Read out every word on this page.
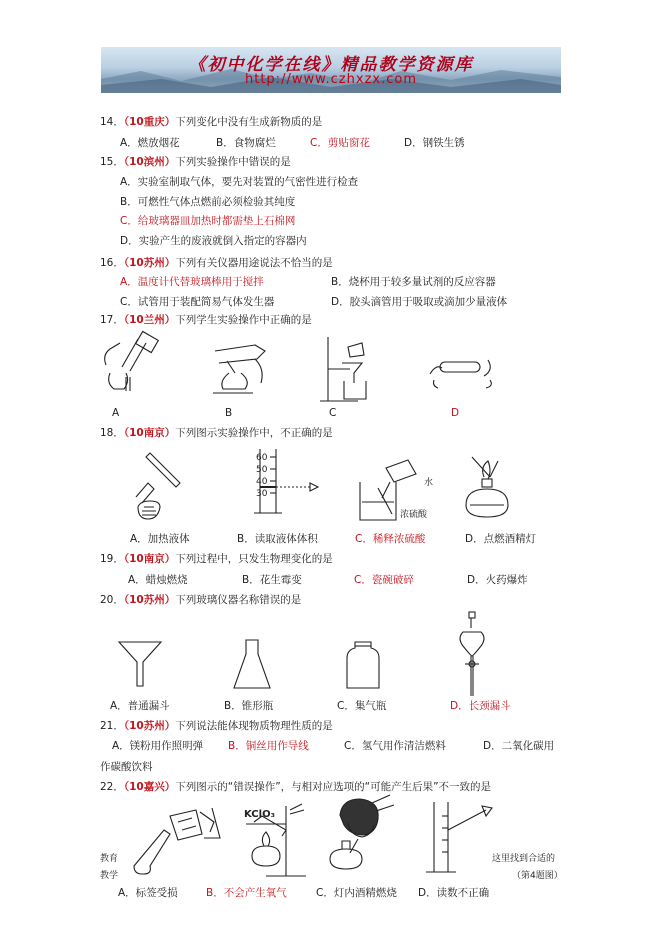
《初中化学在线》精品教学资源库
http://www.czhxzx.com
14．（10重庆）下列变化中没有生成新物质的是
A．燃放烟花	B．食物腐烂	C．剪贴窗花	D．钢铁生锈
15．（10滨州）下列实验操作中错误的是
A．实验室制取气体，要先对装置的气密性进行检查
B．可燃性气体点燃前必须检验其纯度
C．给玻璃器皿加热时都需垫上石棉网
D．实验产生的废液就倒入指定的容器内
16．（10苏州）下列有关仪器用途说法不恰当的是
A．温度计代替玻璃棒用于搅拌	B．烧杯用于较多量试剂的反应容器
C．试管用于装配简易气体发生器	D．胶头滴管用于吸取或滴加少量液体
17．（10兰州）下列学生实验操作中正确的是
A	B	C	D
18．（10南京）下列图示实验操作中，不正确的是
60
50
40
30
水
浓硫酸
A．加热液体	B．读取液体体积	C．稀释浓硫酸	D．点燃酒精灯
19．（10南京）下列过程中，只发生物理变化的是
A．蜡烛燃烧	B．花生霉变	C．瓷碗破碎	D．火药爆炸
20．（10苏州）下列玻璃仪器名称错误的是
A．普通漏斗	B．锥形瓶	C．集气瓶	D．长颈漏斗
21．（10苏州）下列说法能体现物质物理性质的是
A．镁粉用作照明弹 B．铜丝用作导线	C．氢气用作清洁燃料	D．二氧化碳用
作碳酸饮料
22．（10嘉兴）下列图示的“错误操作”，与相对应选项的“可能产生后果”不一致的是
KClO₃
教育
教学
这里找到合适的
（第4题图）
A．标签受损	B．不会产生氧气	C．灯内酒精燃烧 D．读数不正确
